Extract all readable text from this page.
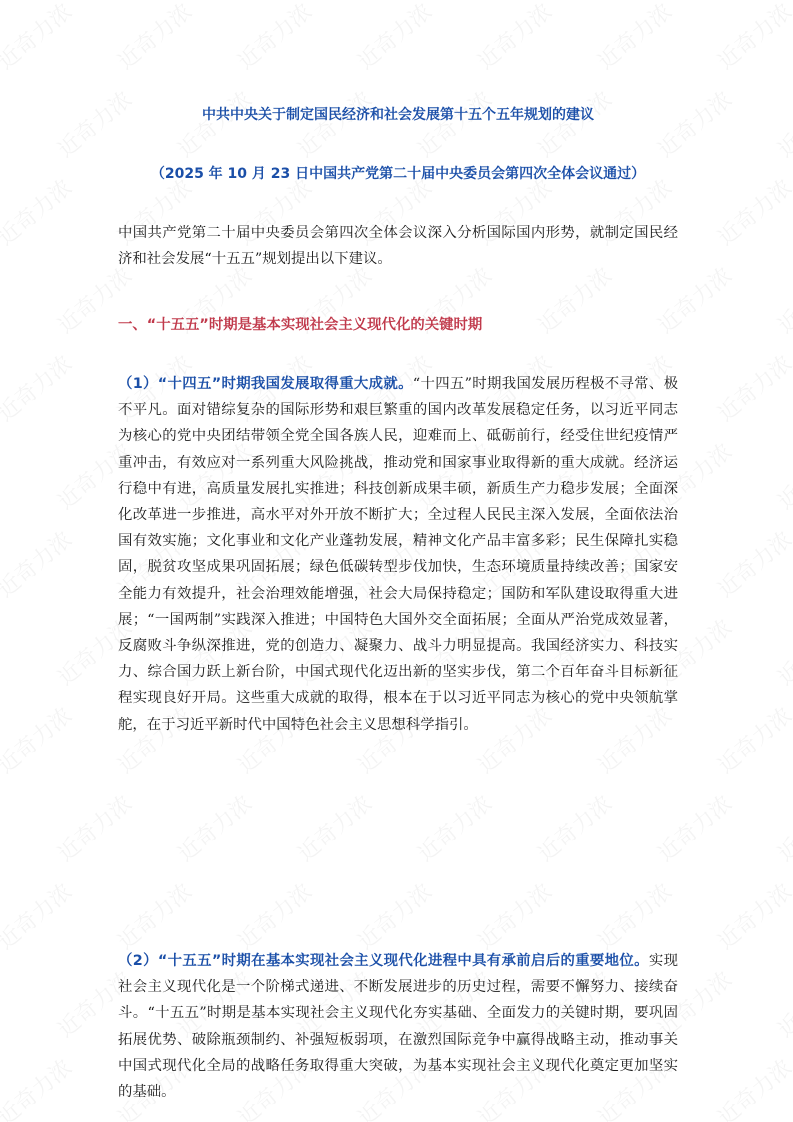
中共中央关于制定国民经济和社会发展第十五个五年规划的建议
（2025 年 10 月 23 日中国共产党第二十届中央委员会第四次全体会议通过）

中国共产党第二十届中央委员会第四次全体会议深入分析国际国内形势，就制定国民经济和社会发展“十五五”规划提出以下建议。

一、“十五五”时期是基本实现社会主义现代化的关键时期

（1）“十四五”时期我国发展取得重大成就。“十四五”时期我国发展历程极不寻常、极不平凡。面对错综复杂的国际形势和艰巨繁重的国内改革发展稳定任务，以习近平同志为核心的党中央团结带领全党全国各族人民，迎难而上、砥砺前行，经受住世纪疫情严重冲击，有效应对一系列重大风险挑战，推动党和国家事业取得新的重大成就。经济运行稳中有进，高质量发展扎实推进；科技创新成果丰硕，新质生产力稳步发展；全面深化改革进一步推进，高水平对外开放不断扩大；全过程人民民主深入发展，全面依法治国有效实施；文化事业和文化产业蓬勃发展，精神文化产品丰富多彩；民生保障扎实稳固，脱贫攻坚成果巩固拓展；绿色低碳转型步伐加快，生态环境质量持续改善；国家安全能力有效提升，社会治理效能增强，社会大局保持稳定；国防和军队建设取得重大进展；“一国两制”实践深入推进；中国特色大国外交全面拓展；全面从严治党成效显著，反腐败斗争纵深推进，党的创造力、凝聚力、战斗力明显提高。我国经济实力、科技实力、综合国力跃上新台阶，中国式现代化迈出新的坚实步伐，第二个百年奋斗目标新征程实现良好开局。这些重大成就的取得，根本在于以习近平同志为核心的党中央领航掌舵，在于习近平新时代中国特色社会主义思想科学指引。

（2）“十五五”时期在基本实现社会主义现代化进程中具有承前启后的重要地位。实现社会主义现代化是一个阶梯式递进、不断发展进步的历史过程，需要不懈努力、接续奋斗。“十五五”时期是基本实现社会主义现代化夯实基础、全面发力的关键时期，要巩固拓展优势、破除瓶颈制约、补强短板弱项，在激烈国际竞争中赢得战略主动，推动事关中国式现代化全局的战略任务取得重大突破，为基本实现社会主义现代化奠定更加坚实的基础。
